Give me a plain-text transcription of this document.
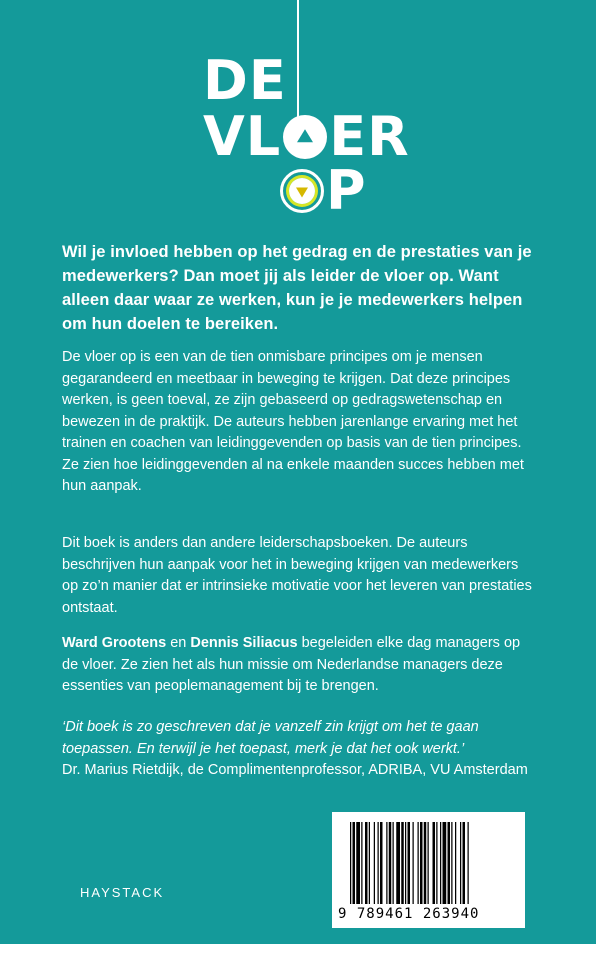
DE
VL ER
P

Wil je invloed hebben op het gedrag en de prestaties van je medewerkers? Dan moet jij als leider de vloer op. Want alleen daar waar ze werken, kun je je medewerkers helpen om hun doelen te bereiken.

De vloer op is een van de tien onmisbare principes om je mensen gegarandeerd en meetbaar in beweging te krijgen. Dat deze principes werken, is geen toeval, ze zijn gebaseerd op gedragswetenschap en bewezen in de praktijk. De auteurs hebben jarenlange ervaring met het trainen en coachen van leidinggevenden op basis van de tien principes. Ze zien hoe leidinggevenden al na enkele maanden succes hebben met hun aanpak.

Dit boek is anders dan andere leiderschapsboeken. De auteurs beschrijven hun aanpak voor het in beweging krijgen van medewerkers op zo’n manier dat er intrinsieke motivatie voor het leveren van prestaties ontstaat.

Ward Grootens en Dennis Siliacus begeleiden elke dag managers op de vloer. Ze zien het als hun missie om Nederlandse managers deze essenties van peoplemanagement bij te brengen.

‘Dit boek is zo geschreven dat je vanzelf zin krijgt om het te gaan toepassen. En terwijl je het toepast, merk je dat het ook werkt.’
Dr. Marius Rietdijk, de Complimentenprofessor, ADRIBA, VU Amsterdam

HAYSTACK
9 789461 263940
